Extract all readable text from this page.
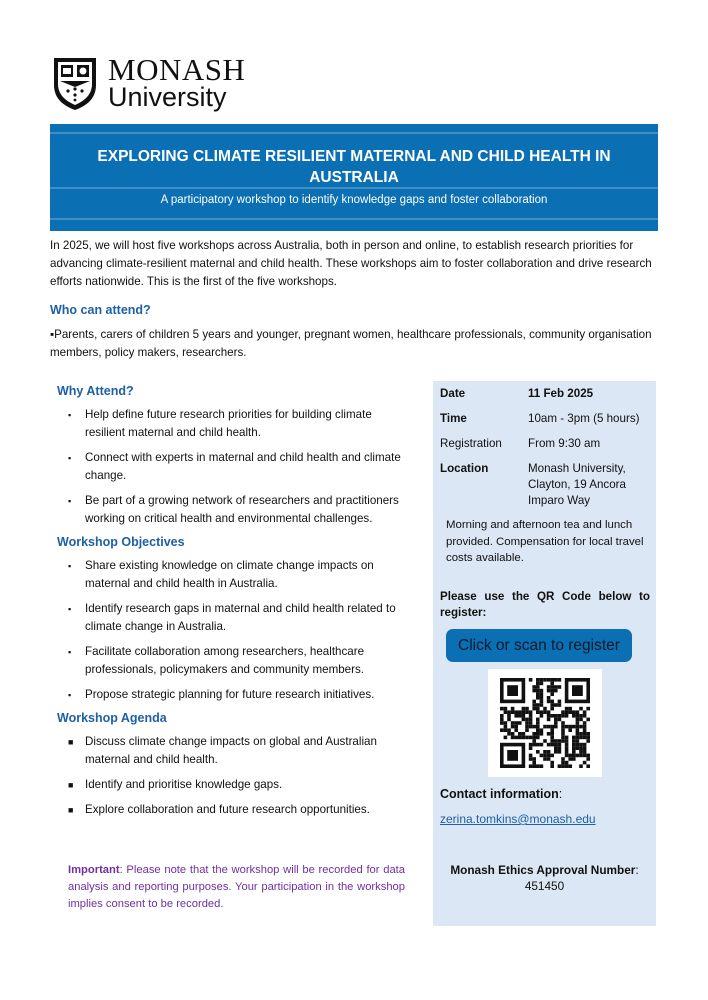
MONASH
University
EXPLORING CLIMATE RESILIENT MATERNAL AND CHILD HEALTH IN AUSTRALIA
A participatory workshop to identify knowledge gaps and foster collaboration
In 2025, we will host five workshops across Australia, both in person and online, to establish research priorities for advancing climate-resilient maternal and child health. These workshops aim to foster collaboration and drive research efforts nationwide. This is the first of the five workshops.
Who can attend?
▪Parents, carers of children 5 years and younger, pregnant women, healthcare professionals, community organisation members, policy makers, researchers.
Why Attend?
▪ Help define future research priorities for building climate resilient maternal and child health.
▪ Connect with experts in maternal and child health and climate change.
▪ Be part of a growing network of researchers and practitioners working on critical health and environmental challenges.
Workshop Objectives
▪ Share existing knowledge on climate change impacts on maternal and child health in Australia.
▪ Identify research gaps in maternal and child health related to climate change in Australia.
▪ Facilitate collaboration among researchers, healthcare professionals, policymakers and community members.
▪ Propose strategic planning for future research initiatives.
Workshop Agenda
■ Discuss climate change impacts on global and Australian maternal and child health.
■ Identify and prioritise knowledge gaps.
■ Explore collaboration and future research opportunities.
Important: Please note that the workshop will be recorded for data analysis and reporting purposes. Your participation in the workshop implies consent to be recorded.
Date	11 Feb 2025
Time	10am - 3pm (5 hours)
Registration	From 9:30 am
Location	Monash University, Clayton, 19 Ancora Imparo Way
Morning and afternoon tea and lunch provided. Compensation for local travel costs available.
Please use the QR Code below to register:
Click or scan to register
Contact information:
zerina.tomkins@monash.edu
Monash Ethics Approval Number:
451450
